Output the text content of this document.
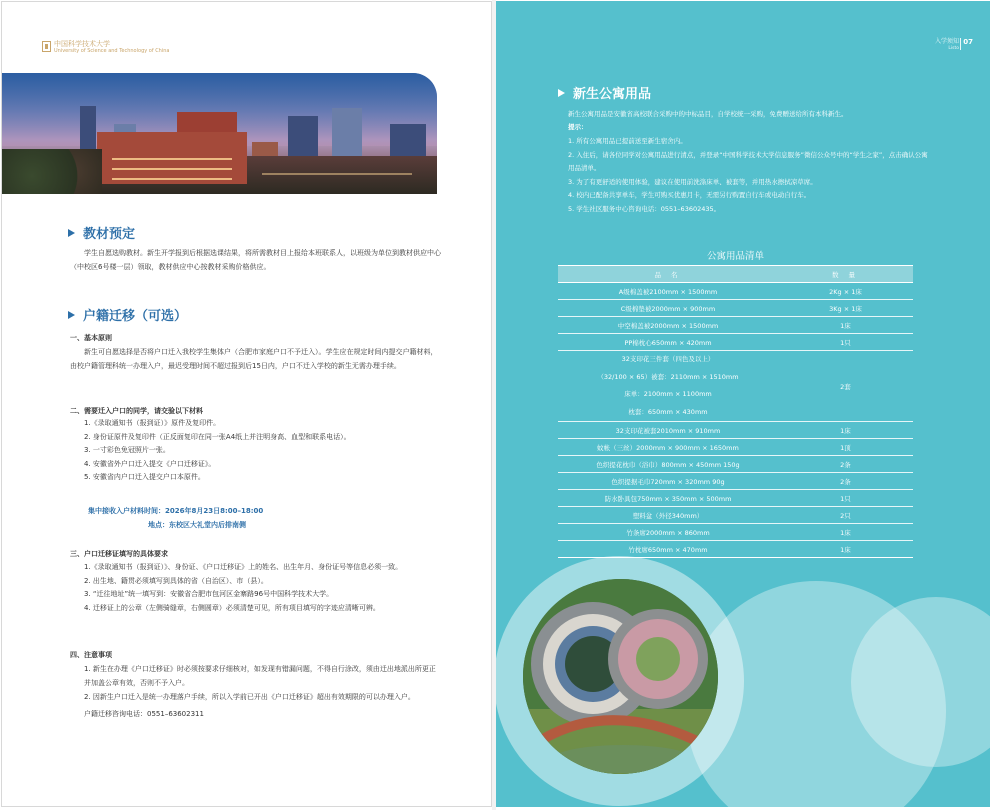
中国科学技术大学
University of Science and Technology of China
教材预定
学生自愿选购教材。新生开学报到后根据选课结果，将所需教材目上报给本班联系人，以班级为单位到教材供应中心（中校区6号楼一层）领取，教材供应中心按教材采购价格供应。
户籍迁移（可选）
一、基本原则
新生可自愿选择是否将户口迁入我校学生集体户（合肥市家庭户口不予迁入）。学生应在规定时间内提交户籍材料，由校户籍管理科统一办理入户，最迟受理时间不超过报到后15日内，户口不迁入学校的新生无需办理手续。
二、需要迁入户口的同学，请交验以下材料
1.《录取通知书（报到证）》原件及复印件。
2. 身份证原件及复印件（正反面复印在同一张A4纸上并注明身高、血型和联系电话）。
3. 一寸彩色免冠照片一张。
4. 安徽省外户口迁入提交《户口迁移证》。
5. 安徽省内户口迁入提交户口本原件。
集中接收入户材料时间：2026年8月23日8:00–18:00
地点：东校区大礼堂内后排南侧
三、户口迁移证填写的具体要求
1.《录取通知书（报到证）》、身份证、《户口迁移证》上的姓名、出生年月、身份证号等信息必须一致。
2. 出生地、籍贯必须填写到具体的省（自治区）、市（县）。
3. “迁往地址”统一填写到：安徽省合肥市包河区金寨路96号中国科学技术大学。
4. 迁移证上的公章（左侧骑缝章，右侧圆章）必须清楚可见，所有项目填写的字迹应清晰可辨。
四、注意事项
1. 新生在办理《户口迁移证》时必须按要求仔细核对，如发现有错漏问题，不得自行涂改，须由迁出地派出所更正并加盖公章有效，否则不予入户。
2. 因新生户口迁入是统一办理落户手续，所以入学前已开出《户口迁移证》超出有效期限的可以办理入户。
户籍迁移咨询电话：0551–63602311
入学须知
Listo
07
新生公寓用品
新生公寓用品是安徽省高校联合采购中的中标品目，自学校统一采购，免费赠送给所有本科新生。
提示：
1. 所有公寓用品已提前送至新生宿舍内。
2. 入住后，请各位同学对公寓用品进行清点，并登录“中国科学技术大学信息服务”微信公众号中的“学生之家”，点击确认公寓用品清单。
3. 为了有更舒适的使用体验，建议在使用前洗涤床单、被套等，并用热水擦拭凉草席。
4. 校内已配备共享单车，学生可购买优惠月卡，无需另行购置自行车或电动自行车。
5. 学生社区服务中心咨询电话：0551–63602435。
公寓用品清单
品 名	数 量
A级棉盖被2100mm × 1500mm	2Kg × 1床
C级棉垫被2000mm × 900mm	3Kg × 1床
中空棉盖被2000mm × 1500mm	1床
PP棉枕心650mm × 420mm	1只

32支印花三件套（四色及以上）
（32/100 × 65）被套：2110mm × 1510mm
床单：2100mm × 1100mm
枕套：650mm × 430mm	2套
32支印花被套2010mm × 910mm	1床
蚊帐（三丝）2000mm × 900mm × 1650mm	1顶
色织提花枕巾（浴巾）800mm × 450mm 150g	2条
色织提据毛巾720mm × 320mm 90g	2条
防水卧具包750mm × 350mm × 500mm	1只
塑料盆（外径340mm）	2只
竹条席2000mm × 860mm	1床
竹枕席650mm × 470mm	1床
